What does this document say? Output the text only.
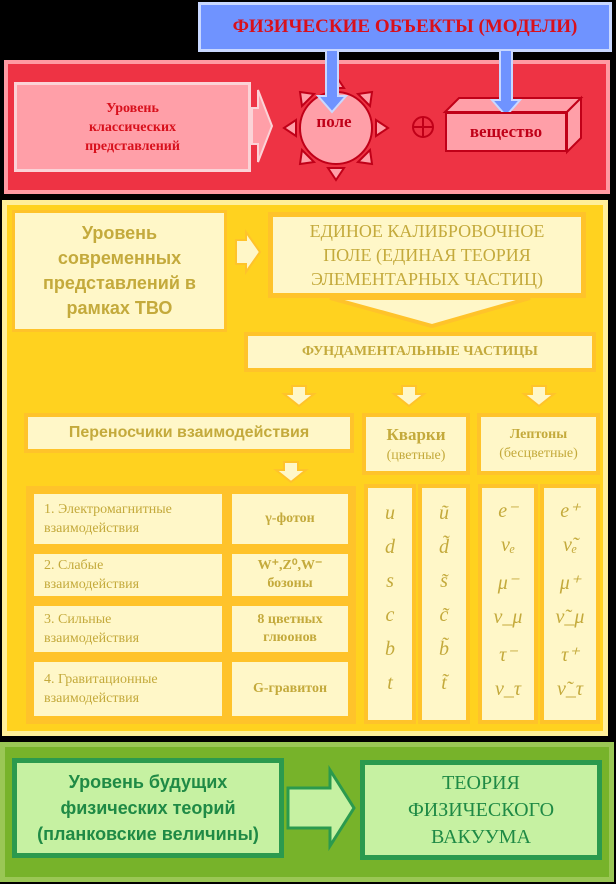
ФИЗИЧЕСКИЕ ОБЪЕКТЫ (МОДЕЛИ)
Уровень
классических
представлений
поле
вещество
Уровень
современных
представлений в
рамках ТВО
ЕДИНОЕ КАЛИБРОВОЧНОЕ
ПОЛЕ (ЕДИНАЯ ТЕОРИЯ
ЭЛЕМЕНТАРНЫХ ЧАСТИЦ)
ФУНДАМЕНТАЛЬНЫЕ ЧАСТИЦЫ
Переносчики взаимодействия	Кварки
(цветные)
Лептоны
(бесцветные)
1. Электромагнитные
взаимодействия
γ-фотон
2. Слабые
взаимодействия
W⁺,Z⁰,W⁻
бозоны
3. Сильные
взаимодействия
8 цветных
глюонов
4. Гравитационные
взаимодействия
G-гравитон
u
d
s
c
b
t
ũ
d̃
s̃
c̃
b̃
t̃
e⁻
νₑ
μ⁻
ν_μ
τ⁻
ν_τ
e⁺
ν̃ₑ
μ⁺
ν̃_μ
τ⁺
ν̃_τ
Уровень будущих
физических теорий
(планковские величины)
ТЕОРИЯ
ФИЗИЧЕСКОГО
ВАКУУМА
